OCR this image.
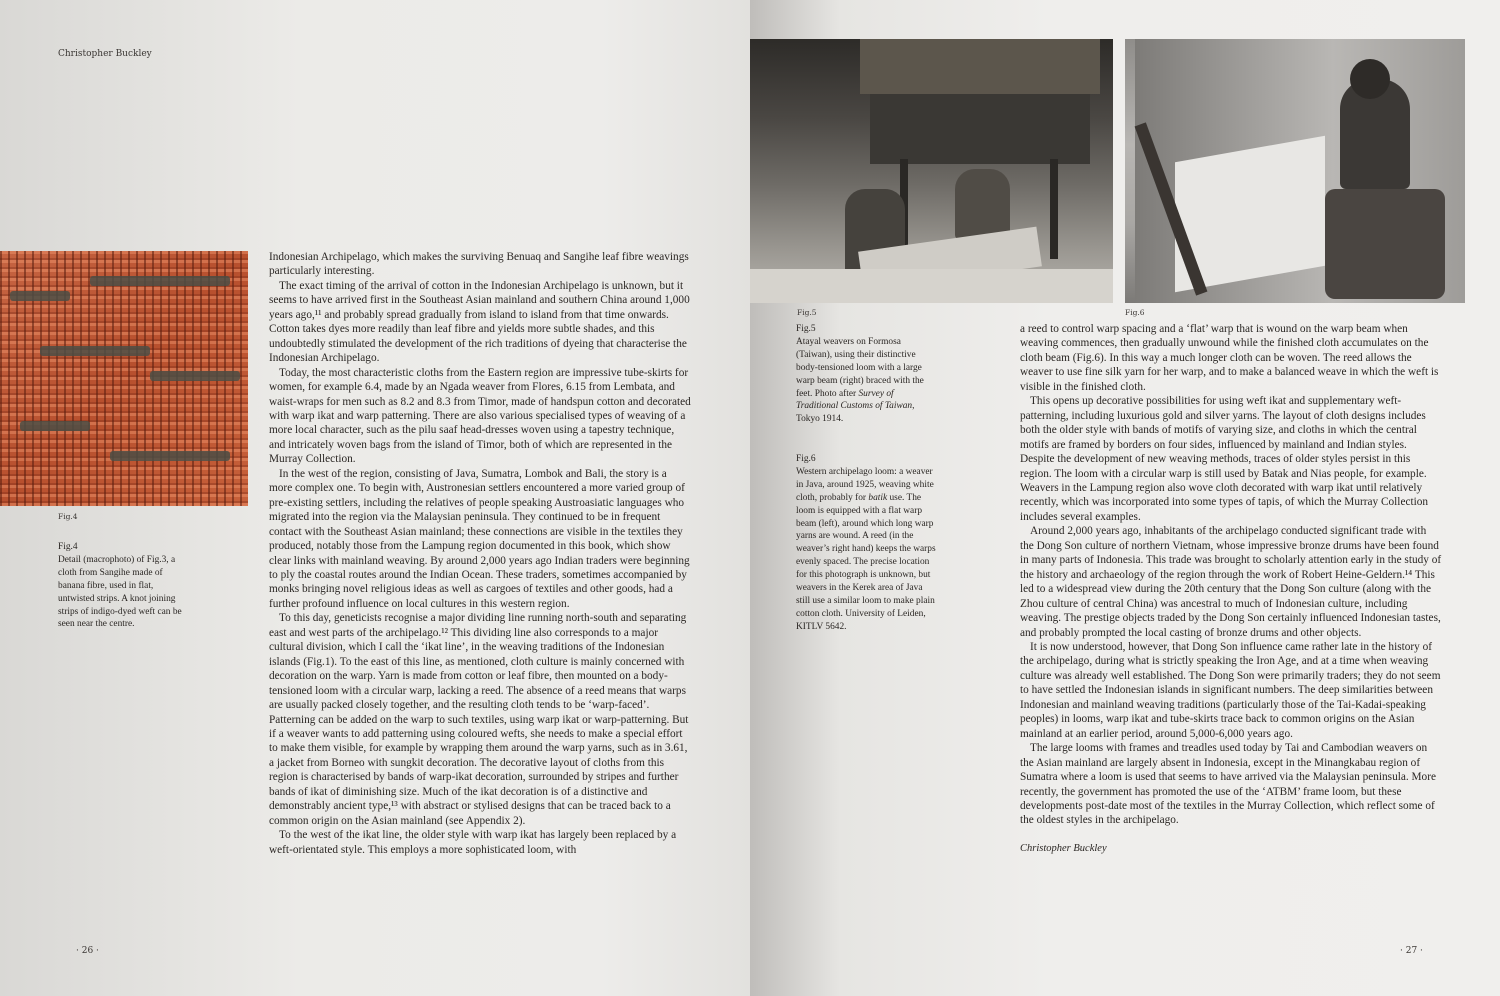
Christopher Buckley
Fig.4
Fig.4
Detail (macrophoto) of Fig.3, a cloth from Sangihe made of banana fibre, used in flat, untwisted strips. A knot joining strips of indigo-dyed weft can be seen near the centre.

Indonesian Archipelago, which makes the surviving Benuaq and Sangihe leaf fibre weavings particularly interesting.

The exact timing of the arrival of cotton in the Indonesian Archipelago is unknown, but it seems to have arrived first in the Southeast Asian mainland and southern China around 1,000 years ago,¹¹ and probably spread gradually from island to island from that time onwards. Cotton takes dyes more readily than leaf fibre and yields more subtle shades, and this undoubtedly stimulated the development of the rich traditions of dyeing that characterise the Indonesian Archipelago.

Today, the most characteristic cloths from the Eastern region are impressive tube-skirts for women, for example 6.4, made by an Ngada weaver from Flores, 6.15 from Lembata, and waist-wraps for men such as 8.2 and 8.3 from Timor, made of handspun cotton and decorated with warp ikat and warp patterning. There are also various specialised types of weaving of a more local character, such as the pilu saaf head-dresses woven using a tapestry technique, and intricately woven bags from the island of Timor, both of which are represented in the Murray Collection.

In the west of the region, consisting of Java, Sumatra, Lombok and Bali, the story is a more complex one. To begin with, Austronesian settlers encountered a more varied group of pre-existing settlers, including the relatives of people speaking Austroasiatic languages who migrated into the region via the Malaysian peninsula. They continued to be in frequent contact with the Southeast Asian mainland; these connections are visible in the textiles they produced, notably those from the Lampung region documented in this book, which show clear links with mainland weaving. By around 2,000 years ago Indian traders were beginning to ply the coastal routes around the Indian Ocean. These traders, sometimes accompanied by monks bringing novel religious ideas as well as cargoes of textiles and other goods, had a further profound influence on local cultures in this western region.

To this day, geneticists recognise a major dividing line running north-south and separating east and west parts of the archipelago.¹² This dividing line also corresponds to a major cultural division, which I call the ‘ikat line’, in the weaving traditions of the Indonesian islands (Fig.1). To the east of this line, as mentioned, cloth culture is mainly concerned with decoration on the warp. Yarn is made from cotton or leaf fibre, then mounted on a body-tensioned loom with a circular warp, lacking a reed. The absence of a reed means that warps are usually packed closely together, and the resulting cloth tends to be ‘warp-faced’. Patterning can be added on the warp to such textiles, using warp ikat or warp-patterning. But if a weaver wants to add patterning using coloured wefts, she needs to make a special effort to make them visible, for example by wrapping them around the warp yarns, such as in 3.61, a jacket from Borneo with sungkit decoration. The decorative layout of cloths from this region is characterised by bands of warp-ikat decoration, surrounded by stripes and further bands of ikat of diminishing size. Much of the ikat decoration is of a distinctive and demonstrably ancient type,¹³ with abstract or stylised designs that can be traced back to a common origin on the Asian mainland (see Appendix 2).

To the west of the ikat line, the older style with warp ikat has largely been replaced by a weft-orientated style. This employs a more sophisticated loom, with

· 26 ·
Fig.5	Fig.6
Fig.5
Atayal weavers on Formosa (Taiwan), using their distinctive body-tensioned loom with a large warp beam (right) braced with the feet. Photo after Survey of Traditional Customs of Taiwan, Tokyo 1914.
Fig.6
Western archipelago loom: a weaver in Java, around 1925, weaving white cloth, probably for batik use. The loom is equipped with a flat warp beam (left), around which long warp yarns are wound. A reed (in the weaver’s right hand) keeps the warps evenly spaced. The precise location for this photograph is unknown, but weavers in the Kerek area of Java still use a similar loom to make plain cotton cloth. University of Leiden, KITLV 5642.

a reed to control warp spacing and a ‘flat’ warp that is wound on the warp beam when weaving commences, then gradually unwound while the finished cloth accumulates on the cloth beam (Fig.6). In this way a much longer cloth can be woven. The reed allows the weaver to use fine silk yarn for her warp, and to make a balanced weave in which the weft is visible in the finished cloth.

This opens up decorative possibilities for using weft ikat and supplementary weft-patterning, including luxurious gold and silver yarns. The layout of cloth designs includes both the older style with bands of motifs of varying size, and cloths in which the central motifs are framed by borders on four sides, influenced by mainland and Indian styles. Despite the development of new weaving methods, traces of older styles persist in this region. The loom with a circular warp is still used by Batak and Nias people, for example. Weavers in the Lampung region also wove cloth decorated with warp ikat until relatively recently, which was incorporated into some types of tapis, of which the Murray Collection includes several examples.

Around 2,000 years ago, inhabitants of the archipelago conducted significant trade with the Dong Son culture of northern Vietnam, whose impressive bronze drums have been found in many parts of Indonesia. This trade was brought to scholarly attention early in the study of the history and archaeology of the region through the work of Robert Heine-Geldern.¹⁴ This led to a widespread view during the 20th century that the Dong Son culture (along with the Zhou culture of central China) was ancestral to much of Indonesian culture, including weaving. The prestige objects traded by the Dong Son certainly influenced Indonesian tastes, and probably prompted the local casting of bronze drums and other objects.

It is now understood, however, that Dong Son influence came rather late in the history of the archipelago, during what is strictly speaking the Iron Age, and at a time when weaving culture was already well established. The Dong Son were primarily traders; they do not seem to have settled the Indonesian islands in significant numbers. The deep similarities between Indonesian and mainland weaving traditions (particularly those of the Tai-Kadai-speaking peoples) in looms, warp ikat and tube-skirts trace back to common origins on the Asian mainland at an earlier period, around 5,000-6,000 years ago.

The large looms with frames and treadles used today by Tai and Cambodian weavers on the Asian mainland are largely absent in Indonesia, except in the Minangkabau region of Sumatra where a loom is used that seems to have arrived via the Malaysian peninsula. More recently, the government has promoted the use of the ‘ATBM’ frame loom, but these developments post-date most of the textiles in the Murray Collection, which reflect some of the oldest styles in the archipelago.

Christopher Buckley

· 27 ·
